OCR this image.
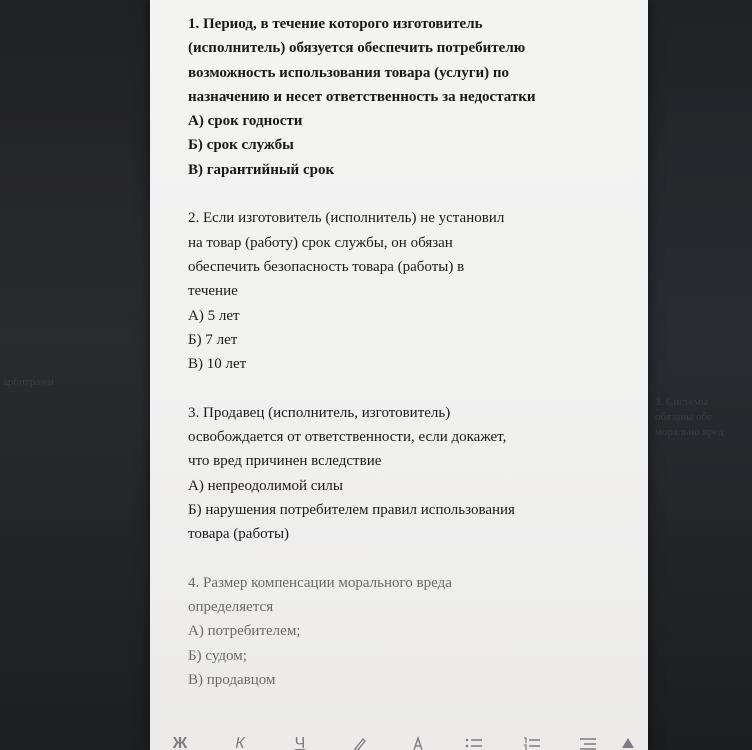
арбитражи
3. Системы
обязаны обе
морально вред
1. Период, в течение которого изготовитель
(исполнитель) обязуется обеспечить потребителю
возможность использования товара (услуги) по
назначению и несет ответственность за недостатки
А) срок годности
Б) срок службы
В) гарантийный срок
2. Если изготовитель (исполнитель) не установил
на товар (работу) срок службы, он обязан
обеспечить безопасность товара (работы) в
течение
А) 5 лет
Б) 7 лет
В) 10 лет
3. Продавец (исполнитель, изготовитель)
освобождается от ответственности, если докажет,
что вред причинен вследствие
А) непреодолимой силы
Б) нарушения потребителем правил использования
товара (работы)
4. Размер компенсации морального вреда
определяется
А) потребителем;
Б) судом;
В) продавцом
Ж	К	Ч
